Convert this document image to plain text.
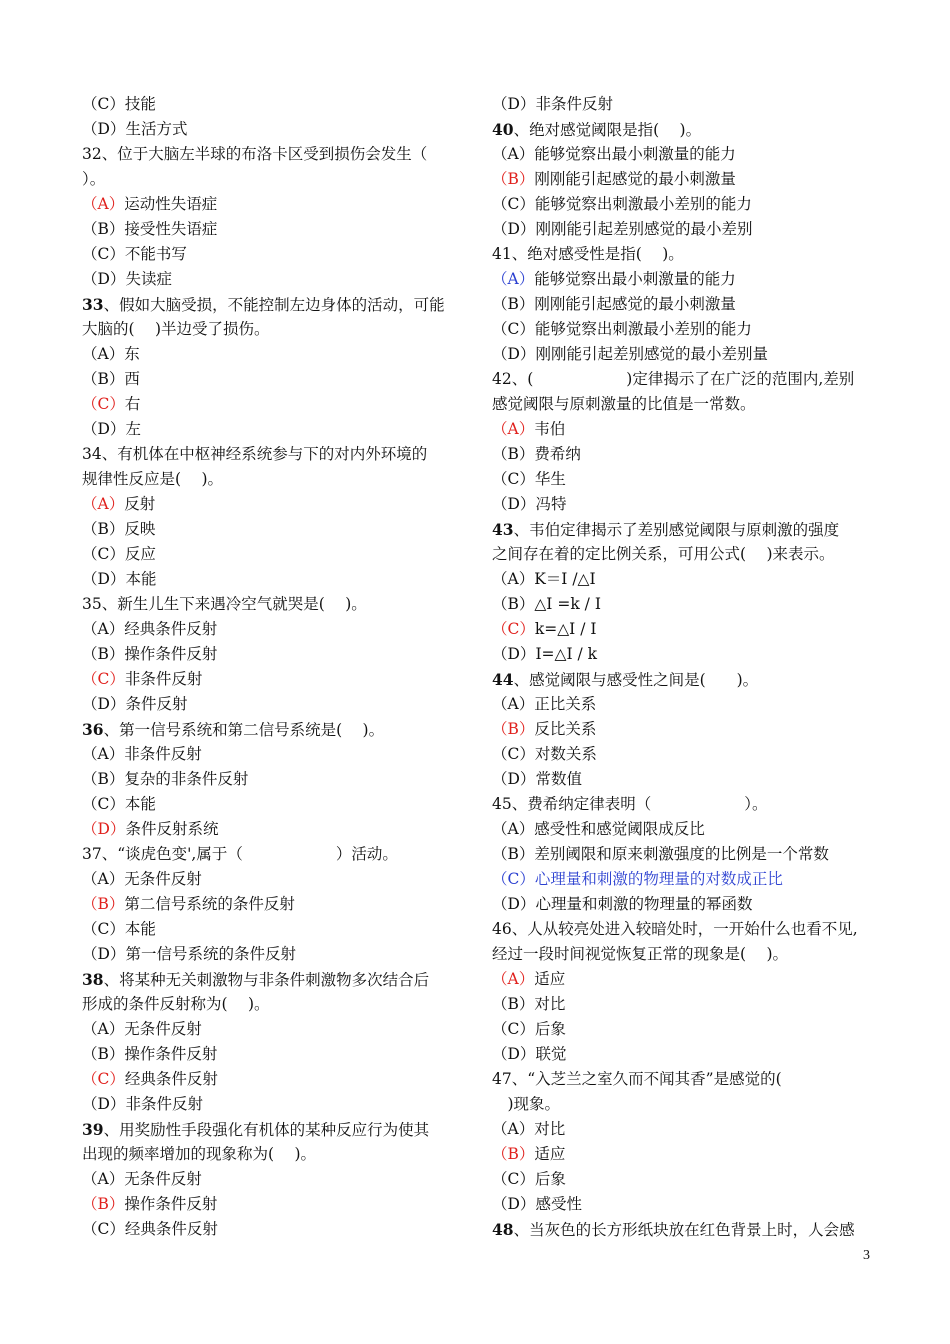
（C）技能
（D）生活方式
32、位于大脑左半球的布洛卡区受到损伤会发生（
）。
（A）运动性失语症
（B）接受性失语症
（C）不能书写
（D）失读症
33、假如大脑受损，不能控制左边身体的活动，可能
大脑的(　 )半边受了损伤。
（A）东
（B）西
（C）右
（D）左
34、有机体在中枢神经系统参与下的对内外环境的
规律性反应是(　 )。
（A）反射
（B）反映
（C）反应
（D）本能
35、新生儿生下来遇冷空气就哭是(　 )。
（A）经典条件反射
（B）操作条件反射
（C）非条件反射
（D）条件反射
36、第一信号系统和第二信号系统是(　 )。
（A）非条件反射
（B）复杂的非条件反射
（C）本能
（D）条件反射系统
37、“谈虎色变',属于（　　　　　　）活动。
（A）无条件反射
（B）第二信号系统的条件反射
（C）本能
（D）第一信号系统的条件反射
38、将某种无关刺激物与非条件刺激物多次结合后
形成的条件反射称为(　 )。
（A）无条件反射
（B）操作条件反射
（C）经典条件反射
（D）非条件反射
39、用奖励性手段强化有机体的某种反应行为使其
出现的频率增加的现象称为(　 )。
（A）无条件反射
（B）操作条件反射
（C）经典条件反射
（D）非条件反射
40、绝对感觉阈限是指(　 )。
（A）能够觉察出最小刺激量的能力
（B）刚刚能引起感觉的最小刺激量
（C）能够觉察出刺激最小差别的能力
（D）刚刚能引起差别感觉的最小差别
41、绝对感受性是指(　 )。
（A）能够觉察出最小刺激量的能力
（B）刚刚能引起感觉的最小刺激量
（C）能够觉察出刺激最小差别的能力
（D）刚刚能引起差别感觉的最小差别量
42、(　　　　　　)定律揭示了在广泛的范围内,差别
感觉阈限与原刺激量的比值是一常数。
（A）韦伯
（B）费希纳
（C）华生
（D）冯特
43、韦伯定律揭示了差别感觉阈限与原刺激的强度
之间存在着的定比例关系，可用公式(　 )来表示。
（A）K＝I /△I
（B）△I =k / I
（C）k=△I / I
（D）I=△I / k
44、感觉阈限与感受性之间是(　　)。
（A）正比关系
（B）反比关系
（C）对数关系
（D）常数值
45、费希纳定律表明（　　　　　　）。
（A）感受性和感觉阈限成反比
（B）差别阈限和原来刺激强度的比例是一个常数
（C）心理量和刺激的物理量的对数成正比
（D）心理量和刺激的物理量的幂函数
46、人从较亮处进入较暗处时，一开始什么也看不见,
经过一段时间视觉恢复正常的现象是(　 )。
（A）适应
（B）对比
（C）后象
（D）联觉
47、“入芝兰之室久而不闻其香”是感觉的(
　)现象。
（A）对比
（B）适应
（C）后象
（D）感受性
48、当灰色的长方形纸块放在红色背景上时，人会感
3
